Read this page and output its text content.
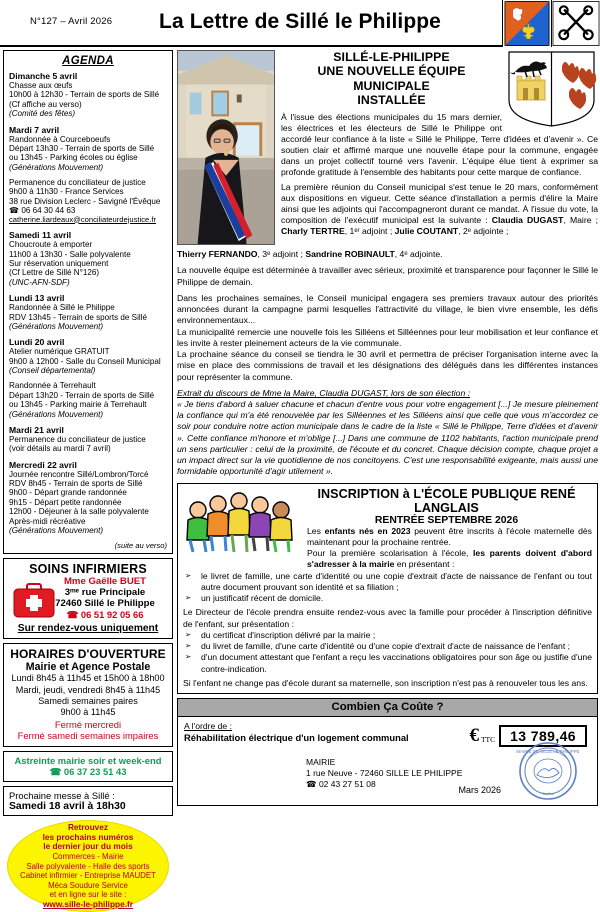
N°127 – Avril 2026	La Lettre de Sillé le Philippe
AGENDA
Dimanche 5 avril
Chasse aux œufs
10h00 à 12h30 - Terrain de sports de Sillé
(Cf affiche au verso)
(Comité des fêtes)
Mardi 7 avril
Randonnée à Courceboeufs
Départ 13h30 - Terrain de sports de Sillé
ou 13h45 - Parking écoles ou église
(Générations Mouvement)
Permanence du conciliateur de justice
9h00 à 11h30 - France Services
38 rue Division Leclerc - Savigné l'Évêque
☎ 06 64 30 44 63
catherine.liardeaux@conciliateurdejustice.fr
Samedi 11 avril
Choucroute à emporter
11h00 à 13h30 - Salle polyvalente
Sur réservation uniquement
(Cf Lettre de Sillé N°126)
(UNC-AFN-SDF)
Lundi 13 avril
Randonnée à Sillé le Philippe
RDV 13h45 - Terrain de sports de Sillé
(Générations Mouvement)
Lundi 20 avril
Atelier numérique GRATUIT
9h00 à 12h00 - Salle du Conseil Municipal
(Conseil départemental)
Randonnée à Terrehault
Départ 13h20 - Terrain de sports de Sillé
ou 13h45 - Parking mairie à Terrehault
(Générations Mouvement)
Mardi 21 avril
Permanence du conciliateur de justice
(voir détails au mardi 7 avril)
Mercredi 22 avril
Journée rencontre Sillé/Lombron/Torcé
RDV 8h45 - Terrain de sports de Sillé
9h00 - Départ grande randonnée
9h15 - Départ petite randonnée
12h00 - Déjeuner à la salle polyvalente
Après-midi récréative
(Générations Mouvement)
(suite au verso)
SOINS INFIRMIERS
Mme Gaëlle BUET
3ᵐᵉ rue Principale
72460 Sillé le Philippe
☎ 06 51 92 05 66
Sur rendez-vous uniquement
HORAIRES D'OUVERTURE
Mairie et Agence Postale
Lundi 8h45 à 11h45 et 15h00 à 18h00
Mardi, jeudi, vendredi 8h45 à 11h45
Samedi semaines paires
9h00 à 11h45
Fermé mercredi
Fermé samedi semaines impaires
Astreinte mairie soir et week-end
☎ 06 37 23 51 43
Prochaine messe à Sillé :
Samedi 18 avril à 18h30
Retrouvez
les prochains numéros
le dernier jour du mois
Commerces - Mairie
Salle polyvalente - Halle des sports
Cabinet infirmier - Entreprise MAUDET
Méca Soudure Service
et en ligne sur le site :
www.sille-le-philippe.fr
SILLÉ-LE-PHILIPPE
UNE NOUVELLE ÉQUIPE MUNICIPALE
INSTALLÉE
À l'issue des élections municipales du 15 mars dernier, les électrices et les électeurs de Sillé le Philippe ont accordé leur confiance à la liste « Sillé le Philippe, Terre d'idées et d'avenir ». Ce soutien clair et affirmé marque une nouvelle étape pour la commune, engagée dans un projet collectif tourné vers l'avenir. L'équipe élue tient à exprimer sa profonde gratitude à l'ensemble des habitants pour cette marque de confiance.
La première réunion du Conseil municipal s'est tenue le 20 mars, conformément aux dispositions en vigueur. Cette séance d'installation a permis d'élire la Maire ainsi que les adjoints qui l'accompagneront durant ce mandat. À l'issue du vote, la composition de l'exécutif municipal est la suivante : Claudia DUGAST, Maire ; Charly TERTRE, 1ᵉʳ adjoint ; Julie COUTANT, 2ᵉ adjointe ;

Thierry FERNANDO, 3ᵉ adjoint ; Sandrine ROBINAULT, 4ᵉ adjointe.

La nouvelle équipe est déterminée à travailler avec sérieux, proximité et transparence pour façonner le Sillé le Philippe de demain.

Dans les prochaines semaines, le Conseil municipal engagera ses premiers travaux autour des priorités annoncées durant la campagne parmi lesquelles l'attractivité du village, le bien vivre ensemble, les défis environnementaux...

La municipalité remercie une nouvelle fois les Silléens et Silléennes pour leur mobilisation et leur confiance et les invite à rester pleinement acteurs de la vie communale.

La prochaine séance du conseil se tiendra le 30 avril et permettra de préciser l'organisation interne avec la mise en place des commissions de travail et les désignations des délégués dans les différentes instances pour représenter la commune.

Extrait du discours de Mme la Maire, Claudia DUGAST, lors de son élection :
« Je tiens d'abord à saluer chacune et chacun d'entre vous pour votre engagement [...] Je mesure pleinement la confiance qui m'a été renouvelée par les Silléennes et les Silléens ainsi que celle que vous m'accordez ce soir pour conduire notre action municipale dans le cadre de la liste « Sillé le Philippe, Terre d'idées et d'avenir ». Cette confiance m'honore et m'oblige [...] Dans une commune de 1102 habitants, l'action municipale prend un sens particulier : celui de la proximité, de l'écoute et du concret. Chaque décision compte, chaque projet a un impact direct sur la vie quotidienne de nos concitoyens. C'est une responsabilité exigeante, mais aussi une formidable opportunité d'agir utilement ».
INSCRIPTION à L'ÉCOLE PUBLIQUE RENÉ LANGLAIS
RENTRÉE SEPTEMBRE 2026
Les enfants nés en 2023 peuvent être inscrits à l'école maternelle dès maintenant pour la prochaine rentrée.
Pour la première scolarisation à l'école, les parents doivent d'abord s'adresser à la mairie en présentant :
➢ le livret de famille, une carte d'identité ou une copie d'extrait d'acte de naissance de l'enfant ou tout autre document prouvant son identité et sa filiation ;
➢ un justificatif récent de domicile.
Le Directeur de l'école prendra ensuite rendez-vous avec la famille pour procéder à l'inscription définitive de l'enfant, sur présentation :
➢ du certificat d'inscription délivré par la mairie ;
➢ du livret de famille, d'une carte d'identité ou d'une copie d'extrait d'acte de naissance de l'enfant ;
➢ d'un document attestant que l'enfant a reçu les vaccinations obligatoires pour son âge ou justifie d'une contre-indication.
Si l'enfant ne change pas d'école durant sa maternelle, son inscription n'est pas à renouveler tous les ans.
Combien Ça Coûte ?
A l'ordre de :
Réhabilitation électrique d'un logement communal	€ TTC	13 789,46
MAIRIE
1 rue Neuve - 72460 SILLE LE PHILIPPE
☎ 02 43 27 51 08
Mars 2026
MAIRIE DE SILLE LE PHILIPPE
Sarthe
